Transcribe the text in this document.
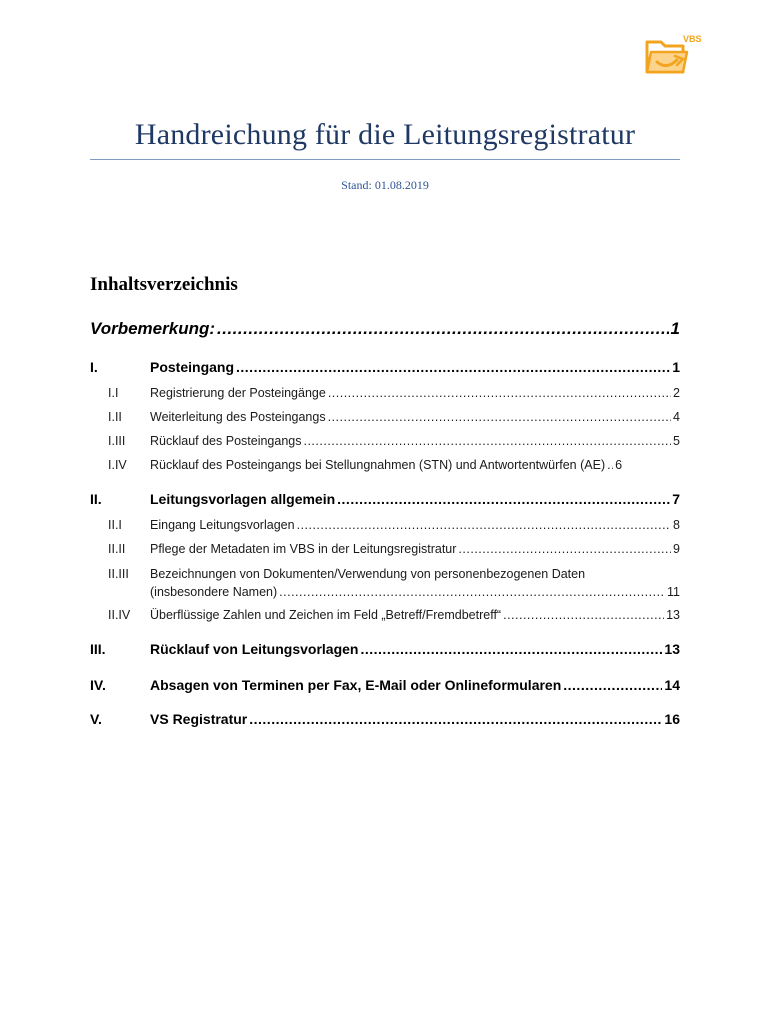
VBS
Handreichung für die Leitungsregistratur
Stand: 01.08.2019
Inhaltsverzeichnis
Vorbemerkung: .....	1
I.	Posteingang .....	1
I.I	Registrierung der Posteingänge .....	2
I.II	Weiterleitung des Posteingangs .....	4
I.III	Rücklauf des Posteingangs .....	5
I.IV	Rücklauf des Posteingangs bei Stellungnahmen (STN) und Antwortentwürfen (AE) ..... 6
II.	Leitungsvorlagen allgemein .....	7
II.I	Eingang Leitungsvorlagen .....	8
II.II	Pflege der Metadaten im VBS in der Leitungsregistratur .....	9
II.III	Bezeichnungen von Dokumenten/Verwendung von personenbezogenen Daten
(insbesondere Namen) .....	11
II.IV	Überflüssige Zahlen und Zeichen im Feld „Betreff/Fremdbetreff“ .....	13
III.	Rücklauf von Leitungsvorlagen .....	13
IV.	Absagen von Terminen per Fax, E-Mail oder Onlineformularen .....	14
V.	VS Registratur .....	16
